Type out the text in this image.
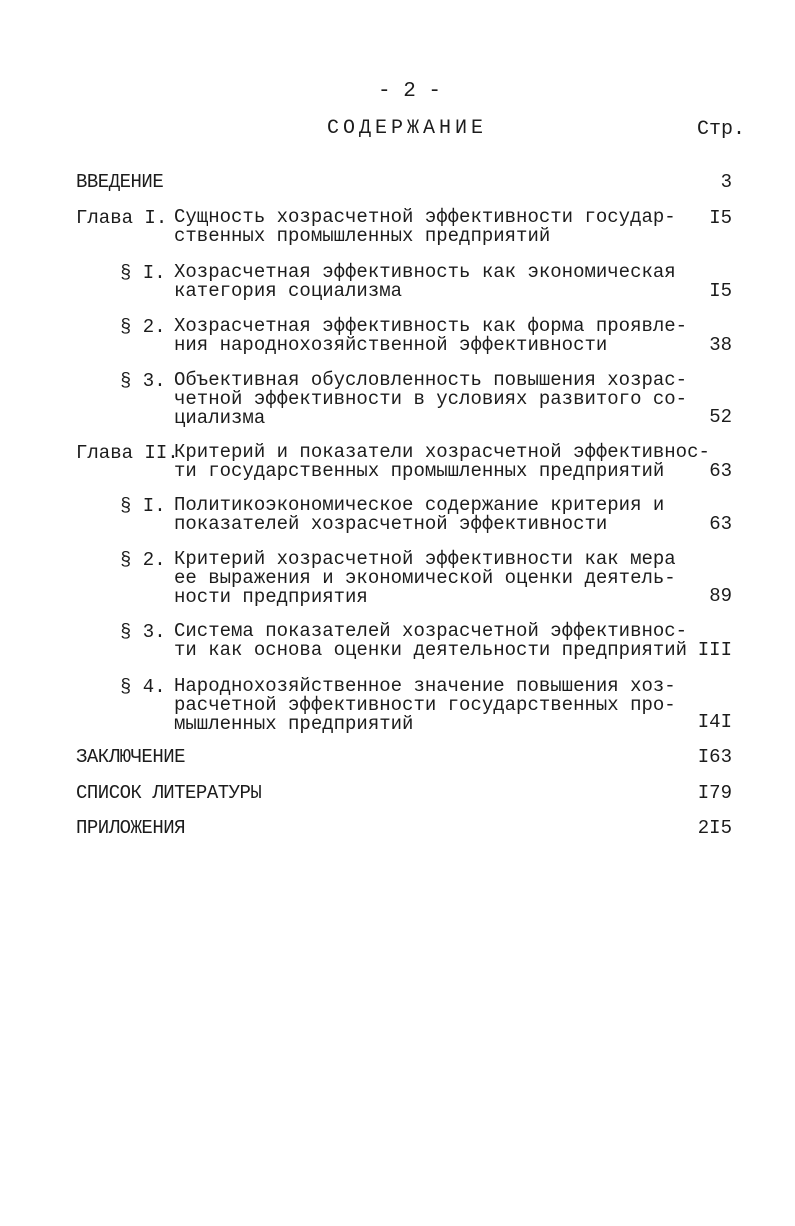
- 2 -
СОДЕРЖАНИЕ	Стр.
ВВЕДЕНИЕ	3
Глава I. Сущность хозрасчетной эффективности государ-
ственных промышленных предприятий
I5
§ I. Хозрасчетная эффективность как экономическая
категория социализма	I5
§ 2. Хозрасчетная эффективность как форма проявле-
ния народнохозяйственной эффективности	38
§ 3. Объективная обусловленность повышения хозрас-
четной эффективности в условиях развитого со-
циализма	52
Глава II.
Критерий и показатели хозрасчетной эффективнос-
ти государственных промышленных предприятий	63
§ I. Политикоэкономическое содержание критерия и
показателей хозрасчетной эффективности	63
§ 2. Критерий хозрасчетной эффективности как мера
ее выражения и экономической оценки деятель-
ности предприятия	89
§ 3. Система показателей хозрасчетной эффективнос-
ти как основа оценки деятельности предприятий III
§ 4. Народнохозяйственное значение повышения хоз-
расчетной эффективности государственных про-
мышленных предприятий	I4I
ЗАКЛЮЧЕНИЕ	I63
СПИСОК ЛИТЕРАТУРЫ	I79
ПРИЛОЖЕНИЯ	2I5
